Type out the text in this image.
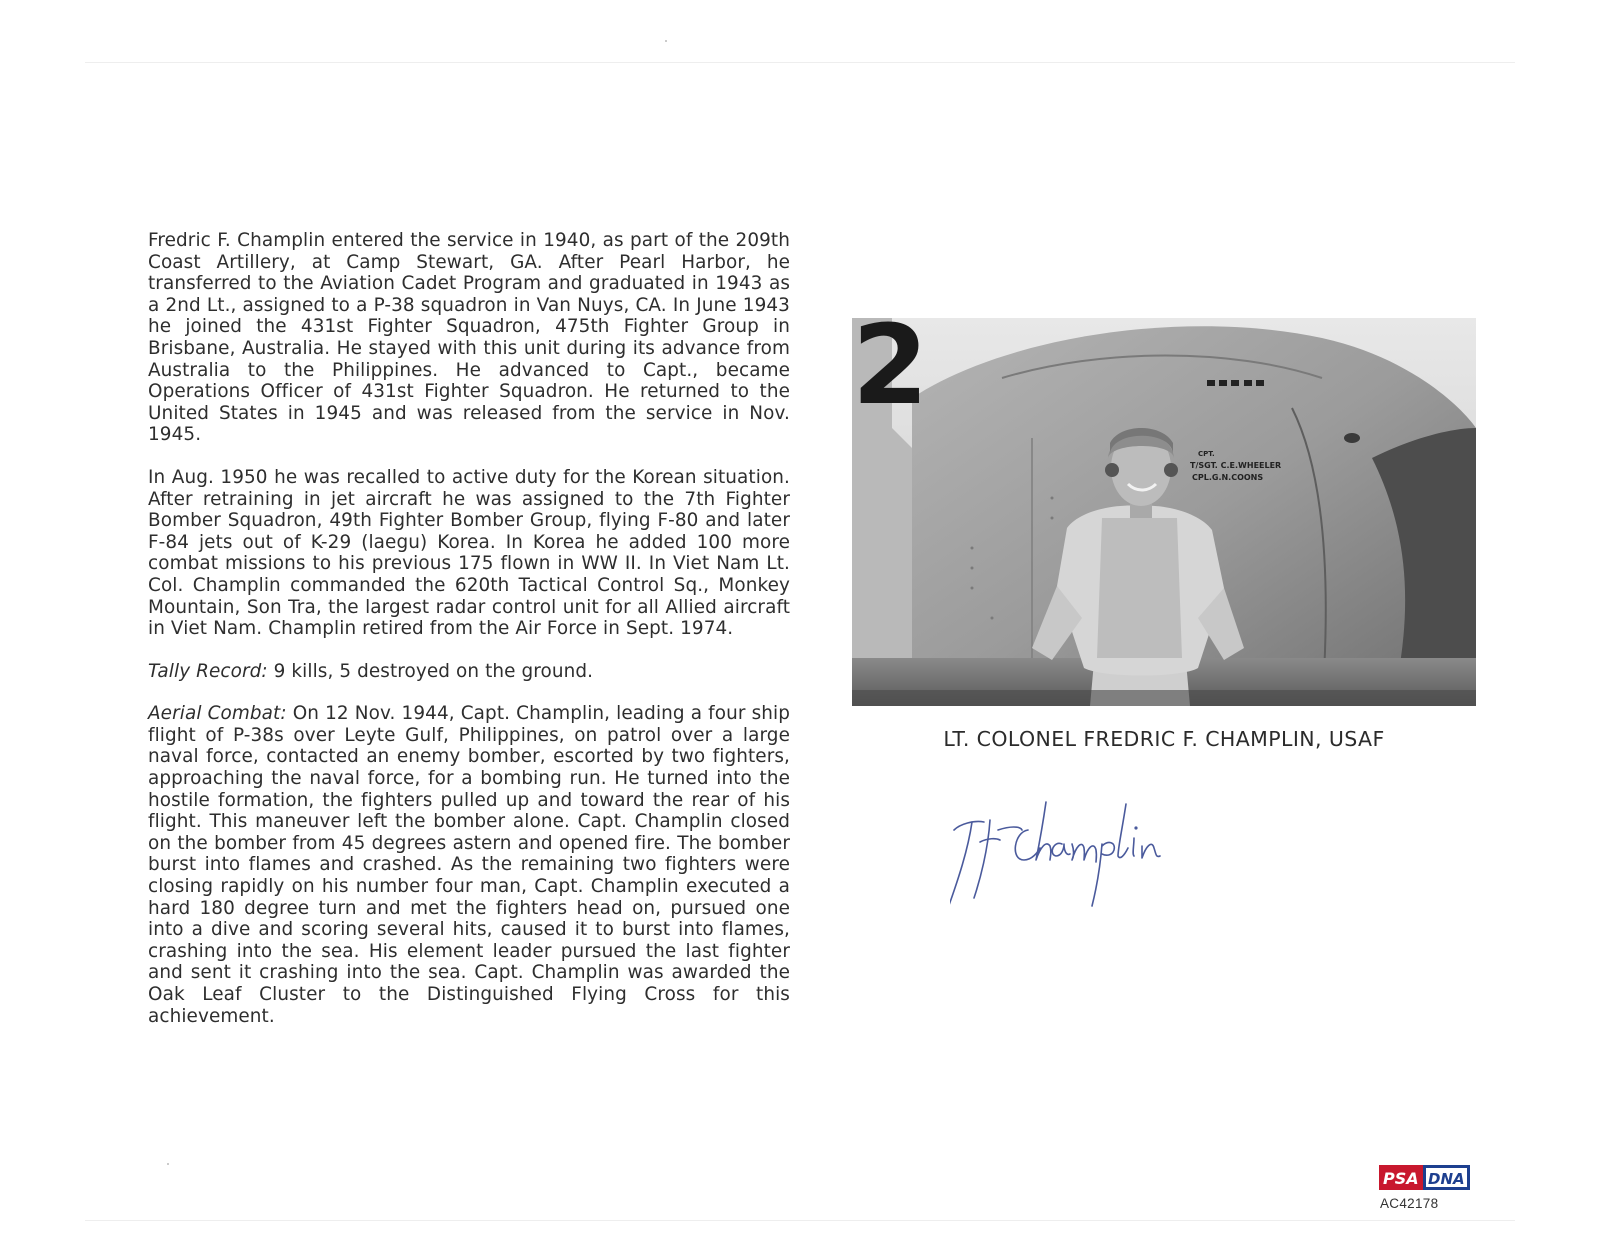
Fredric F. Champlin entered the service in 1940, as part of the 209th Coast Artillery, at Camp Stewart, GA. After Pearl Harbor, he transferred to the Aviation Cadet Program and graduated in 1943 as a 2nd Lt., assigned to a P-38 squadron in Van Nuys, CA. In June 1943 he joined the 431st Fighter Squadron, 475th Fighter Group in Brisbane, Australia. He stayed with this unit during its advance from Australia to the Philippines. He advanced to Capt., became Operations Officer of 431st Fighter Squadron. He returned to the United States in 1945 and was released from the service in Nov. 1945.

In Aug. 1950 he was recalled to active duty for the Korean situation. After retraining in jet aircraft he was assigned to the 7th Fighter Bomber Squadron, 49th Fighter Bomber Group, flying F-80 and later F-84 jets out of K-29 (laegu) Korea. In Korea he added 100 more combat missions to his previous 175 flown in WW II. In Viet Nam Lt. Col. Champlin commanded the 620th Tactical Control Sq., Monkey Mountain, Son Tra, the largest radar control unit for all Allied aircraft in Viet Nam. Champlin retired from the Air Force in Sept. 1974.

Tally Record: 9 kills, 5 destroyed on the ground.

Aerial Combat: On 12 Nov. 1944, Capt. Champlin, leading a four ship flight of P-38s over Leyte Gulf, Philippines, on patrol over a large naval force, contacted an enemy bomber, escorted by two fighters, approaching the naval force, for a bombing run. He turned into the hostile formation, the fighters pulled up and toward the rear of his flight. This maneuver left the bomber alone. Capt. Champlin closed on the bomber from 45 degrees astern and opened fire. The bomber burst into flames and crashed. As the remaining two fighters were closing rapidly on his number four man, Capt. Champlin executed a hard 180 degree turn and met the fighters head on, pursued one into a dive and scoring several hits, caused it to burst into flames, crashing into the sea. His element leader pursued the last fighter and sent it crashing into the sea. Capt. Champlin was awarded the Oak Leaf Cluster to the Distinguished Flying Cross for this achievement.

2
CPT.
T/SGT. C.E.WHEELER
CPL.G.N.COONS
LT. COLONEL FREDRIC F. CHAMPLIN, USAF
PSA DNA
AC42178
